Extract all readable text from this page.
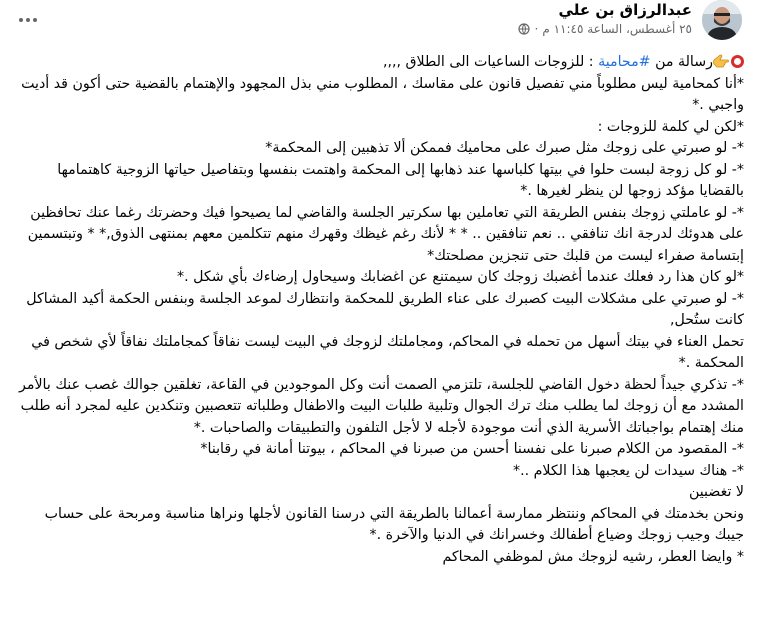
عبدالرزاق بن علي
٢٥ أغسطس، الساعة ١١:٤٥ م
·

رسالة من #محامية : للزوجات الساعيات الى الطلاق ,,,,

*أنا كمحامية ليس مطلوباً مني تفصيل قانون على مقاسك ، المطلوب مني بذل المجهود والإهتمام بالقضية حتى أكون قد أديت واجبي .*

*لكن لي كلمة للزوجات :

*- لو صبرتي على زوجك مثل صبرك على محاميك فممكن ألا تذهبين إلى المحكمة*

*- لو كل زوجة لبست حلوا في بيتها كلباسها عند ذهابها إلى المحكمة واهتمت بنفسها وبتفاصيل حياتها الزوجية كاهتمامها بالقضايا مؤكد زوجها لن ينظر لغيرها .*

*- لو عاملتي زوجك بنفس الطريقة التي تعاملين بها سكرتير الجلسة والقاضي لما يصيحوا فيك وحضرتك رغما عنك تحافظين على هدوئك لدرجة انك تنافقي .. نعم تنافقين .. * * لأنك رغم غيظك وقهرك منهم تتكلمين معهم بمنتهى الذوق,* * وتبتسمين إبتسامة صفراء ليست من قلبك حتى تنجزين مصلحتك*

*لو كان هذا رد فعلك عندما أغضبك زوجك كان سيمتنع عن اغضابك وسيحاول إرضاءك بأي شكل .*

*- لو صبرتي على مشكلات البيت كصبرك على عناء الطريق للمحكمة وانتظارك لموعد الجلسة وبنفس الحكمة أكيد المشاكل كانت ستُحل,

تحمل العناء في بيتك أسهل من تحمله في المحاكم، ومجاملتك لزوجك في البيت ليست نفاقاً كمجاملتك نفاقاً لأي شخص في المحكمة .*

*- تذكري جيداً لحظة دخول القاضي للجلسة، تلتزمي الصمت أنت وكل الموجودين في القاعة، تغلقين جوالك غصب عنك بالأمر المشدد مع أن زوجك لما يطلب منك ترك الجوال وتلبية طلبات البيت والاطفال وطلباته تتعصبين وتنكدين عليه لمجرد أنه طلب منك إهتمام بواجباتك الأسرية الذي أنت موجودة لأجله لا لأجل التلفون والتطبيقات والصاحبات .*

*- المقصود من الكلام صبرنا على نفسنا أحسن من صبرنا في المحاكم ، بيوتنا أمانة في رقابنا*

*- هناك سيدات لن يعجبها هذا الكلام ..*

لا تغضبين

ونحن بخدمتك في المحاكم وننتظر ممارسة أعمالنا بالطريقة التي درسنا القانون لأجلها ونراها مناسبة ومربحة على حساب جيبك وجيب زوجك وضياع أطفالك وخسرانك في الدنيا والآخرة .*

* وايضا العطر، رشيه لزوجك مش لموظفي المحاكم
